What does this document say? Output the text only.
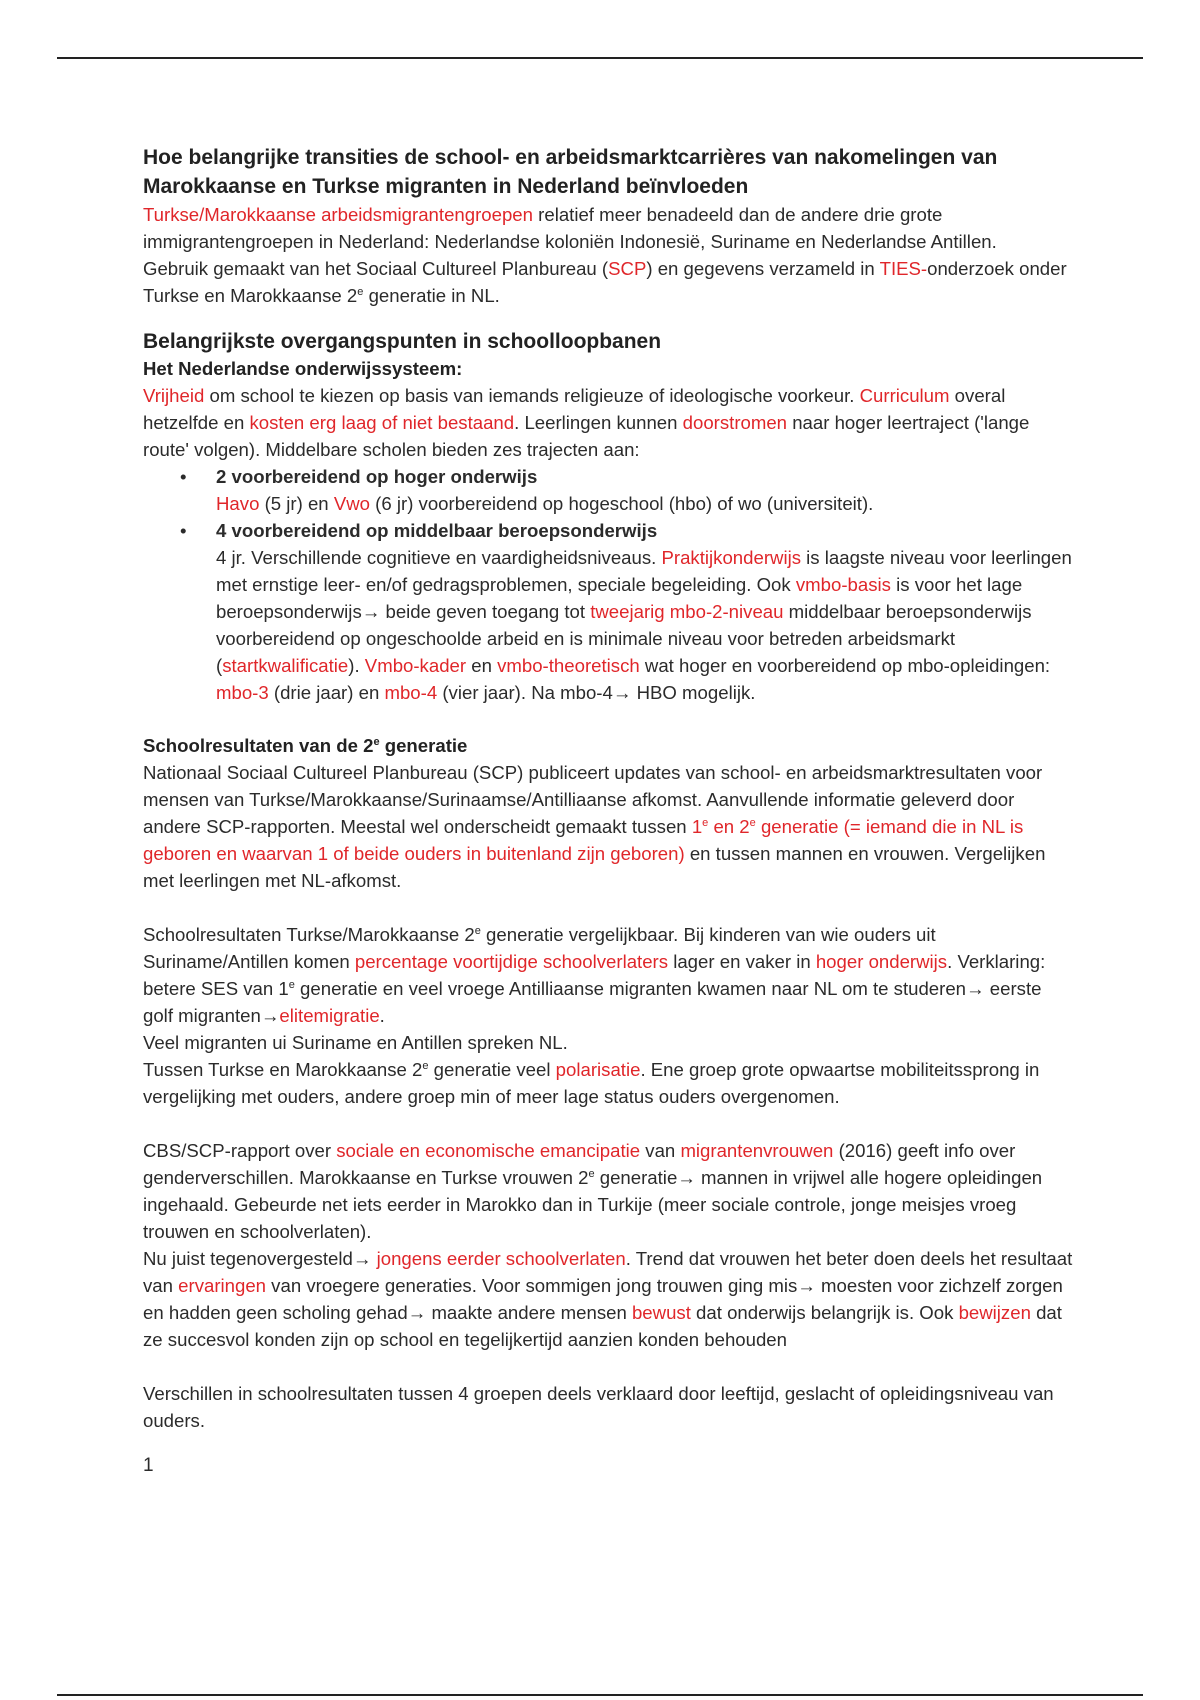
Hoe belangrijke transities de school- en arbeidsmarktcarrières van nakomelingen van Marokkaanse en Turkse migranten in Nederland beïnvloeden

Turkse/Marokkaanse arbeidsmigrantengroepen relatief meer benadeeld dan de andere drie grote immigrantengroepen in Nederland: Nederlandse koloniën Indonesië, Suriname en Nederlandse Antillen.

Gebruik gemaakt van het Sociaal Cultureel Planbureau (SCP) en gegevens verzameld in TIES-onderzoek onder Turkse en Marokkaanse 2e generatie in NL.

Belangrijkste overgangspunten in schoolloopbanen
Het Nederlandse onderwijssysteem:

Vrijheid om school te kiezen op basis van iemands religieuze of ideologische voorkeur. Curriculum overal hetzelfde en kosten erg laag of niet bestaand. Leerlingen kunnen doorstromen naar hoger leertraject ('lange route' volgen). Middelbare scholen bieden zes trajecten aan:

• 2 voorbereidend op hoger onderwijs
Havo (5 jr) en Vwo (6 jr) voorbereidend op hogeschool (hbo) of wo (universiteit).
• 4 voorbereidend op middelbaar beroepsonderwijs
4 jr. Verschillende cognitieve en vaardigheidsniveaus. Praktijkonderwijs is laagste niveau voor leerlingen met ernstige leer- en/of gedragsproblemen, speciale begeleiding. Ook vmbo-basis is voor het lage beroepsonderwijs→ beide geven toegang tot tweejarig mbo-2-niveau middelbaar beroepsonderwijs voorbereidend op ongeschoolde arbeid en is minimale niveau voor betreden arbeidsmarkt (startkwalificatie). Vmbo-kader en vmbo-theoretisch wat hoger en voorbereidend op mbo-opleidingen: mbo-3 (drie jaar) en mbo-4 (vier jaar). Na mbo-4→ HBO mogelijk.
Schoolresultaten van de 2e generatie

Nationaal Sociaal Cultureel Planbureau (SCP) publiceert updates van school- en arbeidsmarktresultaten voor mensen van Turkse/Marokkaanse/Surinaamse/Antilliaanse afkomst. Aanvullende informatie geleverd door andere SCP-rapporten. Meestal wel onderscheidt gemaakt tussen 1e en 2e generatie (= iemand die in NL is geboren en waarvan 1 of beide ouders in buitenland zijn geboren) en tussen mannen en vrouwen. Vergelijken met leerlingen met NL-afkomst.

Schoolresultaten Turkse/Marokkaanse 2e generatie vergelijkbaar. Bij kinderen van wie ouders uit Suriname/Antillen komen percentage voortijdige schoolverlaters lager en vaker in hoger onderwijs. Verklaring: betere SES van 1e generatie en veel vroege Antilliaanse migranten kwamen naar NL om te studeren→ eerste golf migranten→elitemigratie.

Veel migranten ui Suriname en Antillen spreken NL.

Tussen Turkse en Marokkaanse 2e generatie veel polarisatie. Ene groep grote opwaartse mobiliteitssprong in vergelijking met ouders, andere groep min of meer lage status ouders overgenomen.

CBS/SCP-rapport over sociale en economische emancipatie van migrantenvrouwen (2016) geeft info over genderverschillen. Marokkaanse en Turkse vrouwen 2e generatie→ mannen in vrijwel alle hogere opleidingen ingehaald. Gebeurde net iets eerder in Marokko dan in Turkije (meer sociale controle, jonge meisjes vroeg trouwen en schoolverlaten).

Nu juist tegenovergesteld→ jongens eerder schoolverlaten. Trend dat vrouwen het beter doen deels het resultaat van ervaringen van vroegere generaties. Voor sommigen jong trouwen ging mis→ moesten voor zichzelf zorgen en hadden geen scholing gehad→ maakte andere mensen bewust dat onderwijs belangrijk is. Ook bewijzen dat ze succesvol konden zijn op school en tegelijkertijd aanzien konden behouden

Verschillen in schoolresultaten tussen 4 groepen deels verklaard door leeftijd, geslacht of opleidingsniveau van ouders.

1
